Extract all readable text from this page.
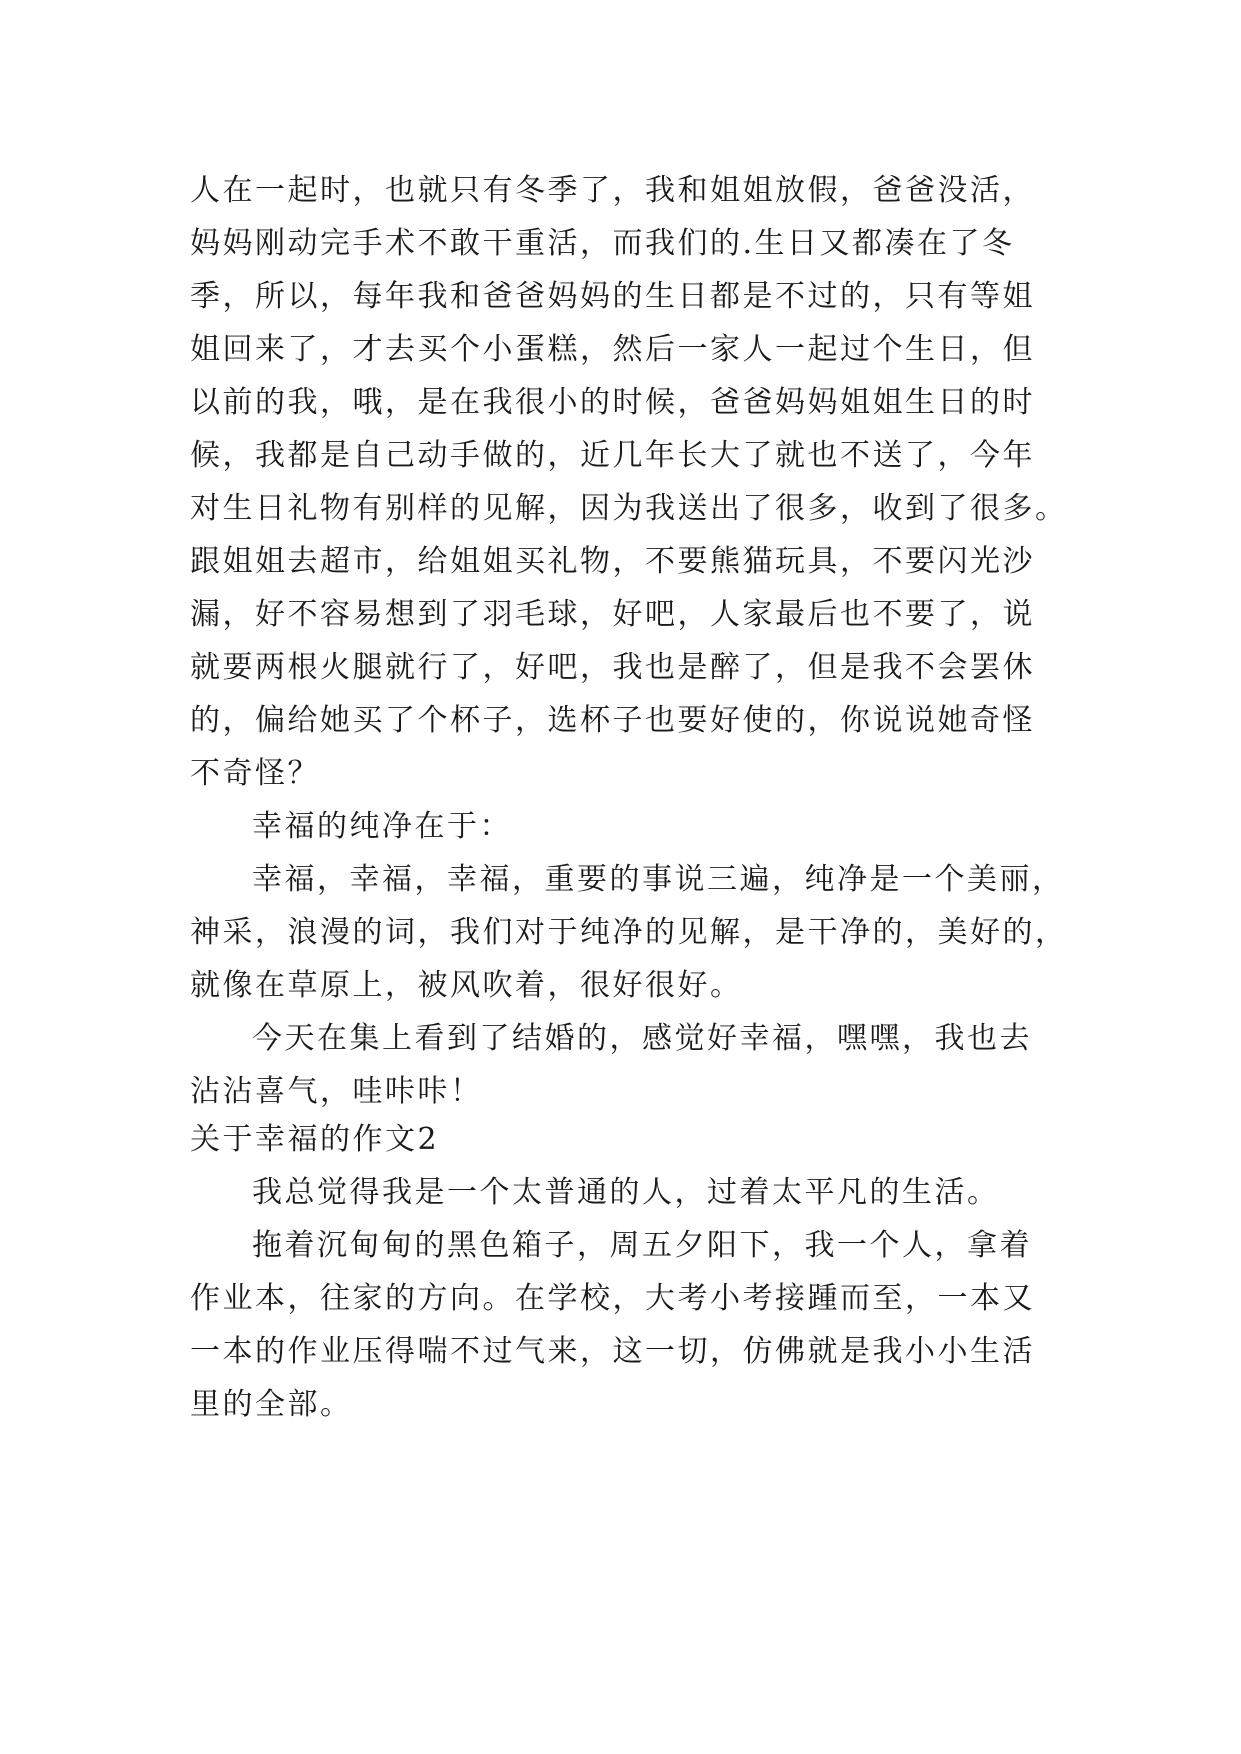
人在一起时，也就只有冬季了，我和姐姐放假，爸爸没活，
妈妈刚动完手术不敢干重活，而我们的.生日又都凑在了冬
季，所以，每年我和爸爸妈妈的生日都是不过的，只有等姐
姐回来了，才去买个小蛋糕，然后一家人一起过个生日，但
以前的我，哦，是在我很小的时候，爸爸妈妈姐姐生日的时
候，我都是自己动手做的，近几年长大了就也不送了，今年
对生日礼物有别样的见解，因为我送出了很多，收到了很多。
跟姐姐去超市，给姐姐买礼物，不要熊猫玩具，不要闪光沙
漏，好不容易想到了羽毛球，好吧，人家最后也不要了，说
就要两根火腿就行了，好吧，我也是醉了，但是我不会罢休
的，偏给她买了个杯子，选杯子也要好使的，你说说她奇怪
不奇怪？
幸福的纯净在于：
幸福，幸福，幸福，重要的事说三遍，纯净是一个美丽，
神采，浪漫的词，我们对于纯净的见解，是干净的，美好的，
就像在草原上，被风吹着，很好很好。
今天在集上看到了结婚的，感觉好幸福，嘿嘿，我也去
沾沾喜气，哇咔咔！
关于幸福的作文2
我总觉得我是一个太普通的人，过着太平凡的生活。
拖着沉甸甸的黑色箱子，周五夕阳下，我一个人，拿着
作业本，往家的方向。在学校，大考小考接踵而至，一本又
一本的作业压得喘不过气来，这一切，仿佛就是我小小生活
里的全部。
